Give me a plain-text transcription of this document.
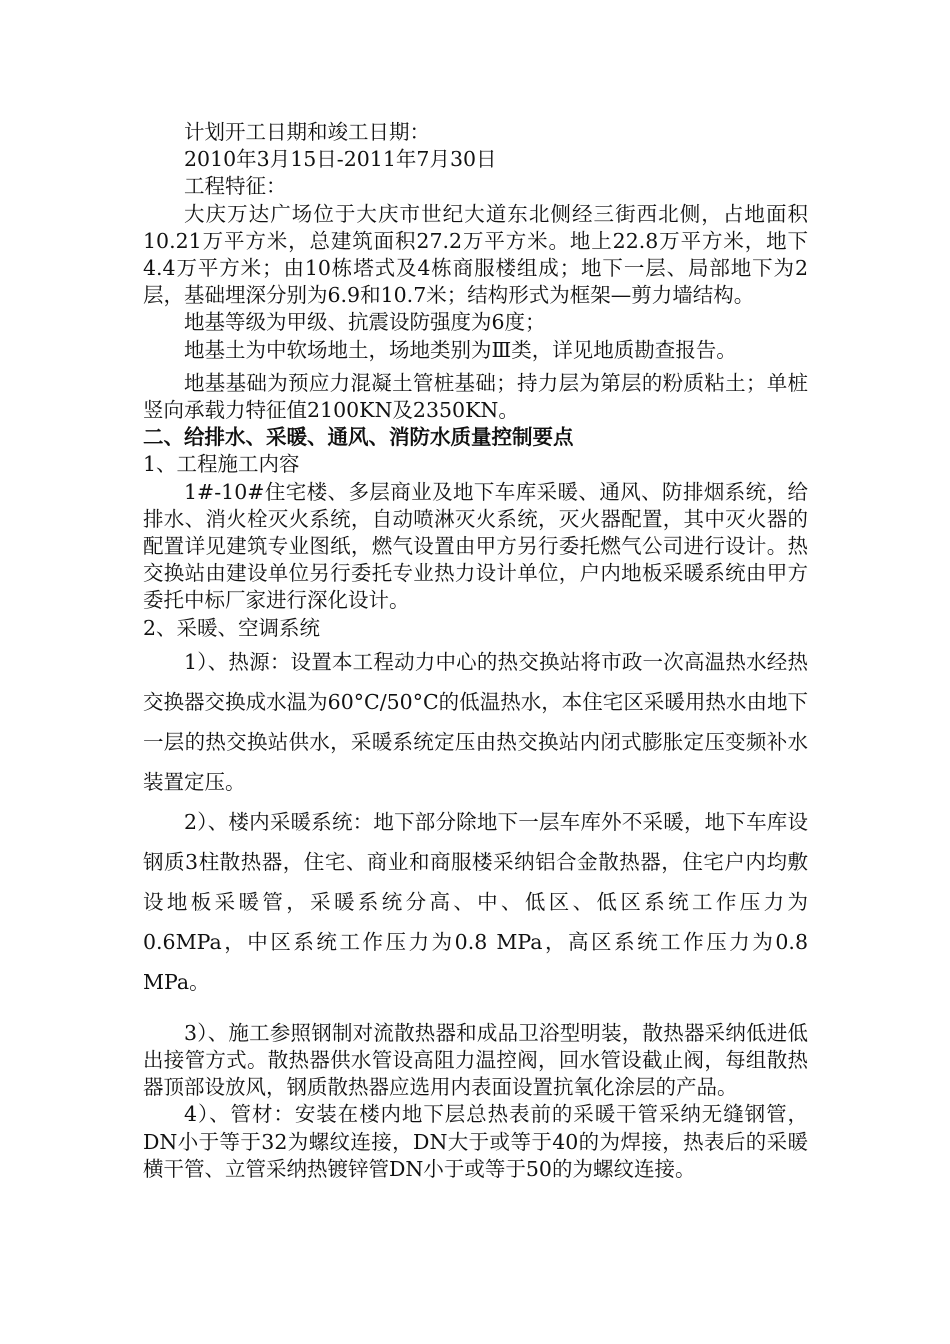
计划开工日期和竣工日期：

2010年3月15日-2011年7月30日

工程特征：

大庆万达广场位于大庆市世纪大道东北侧经三街西北侧，占地面积10.21万平方米，总建筑面积27.2万平方米。地上22.8万平方米，地下4.4万平方米；由10栋塔式及4栋商服楼组成；地下一层、局部地下为2层，基础埋深分别为6.9和10.7米；结构形式为框架—剪力墙结构。

地基等级为甲级、抗震设防强度为6度；

地基土为中软场地土，场地类别为Ⅲ类，详见地质勘查报告。

地基基础为预应力混凝土管桩基础；持力层为第层的粉质粘土；单桩竖向承载力特征值2100KN及2350KN。

二、给排水、采暖、通风、消防水质量控制要点

1、工程施工内容

1#-10#住宅楼、多层商业及地下车库采暖、通风、防排烟系统，给排水、消火栓灭火系统，自动喷淋灭火系统，灭火器配置，其中灭火器的配置详见建筑专业图纸，燃气设置由甲方另行委托燃气公司进行设计。热交换站由建设单位另行委托专业热力设计单位，户内地板采暖系统由甲方委托中标厂家进行深化设计。

2、采暖、空调系统

1）、热源：设置本工程动力中心的热交换站将市政一次高温热水经热交换器交换成水温为60°C/50°C的低温热水，本住宅区采暖用热水由地下一层的热交换站供水，采暖系统定压由热交换站内闭式膨胀定压变频补水装置定压。

2）、楼内采暖系统：地下部分除地下一层车库外不采暖，地下车库设钢质3柱散热器，住宅、商业和商服楼采纳铝合金散热器，住宅户内均敷设地板采暖管，采暖系统分高、中、低区、低区系统工作压力为0.6MPa，中区系统工作压力为0.8 MPa，高区系统工作压力为0.8 MPa。

3）、施工参照钢制对流散热器和成品卫浴型明装，散热器采纳低进低出接管方式。散热器供水管设高阻力温控阀，回水管设截止阀，每组散热器顶部设放风，钢质散热器应选用内表面设置抗氧化涂层的产品。

4）、管材：安装在楼内地下层总热表前的采暖干管采纳无缝钢管，DN小于等于32为螺纹连接，DN大于或等于40的为焊接，热表后的采暖横干管、立管采纳热镀锌管DN小于或等于50的为螺纹连接。
